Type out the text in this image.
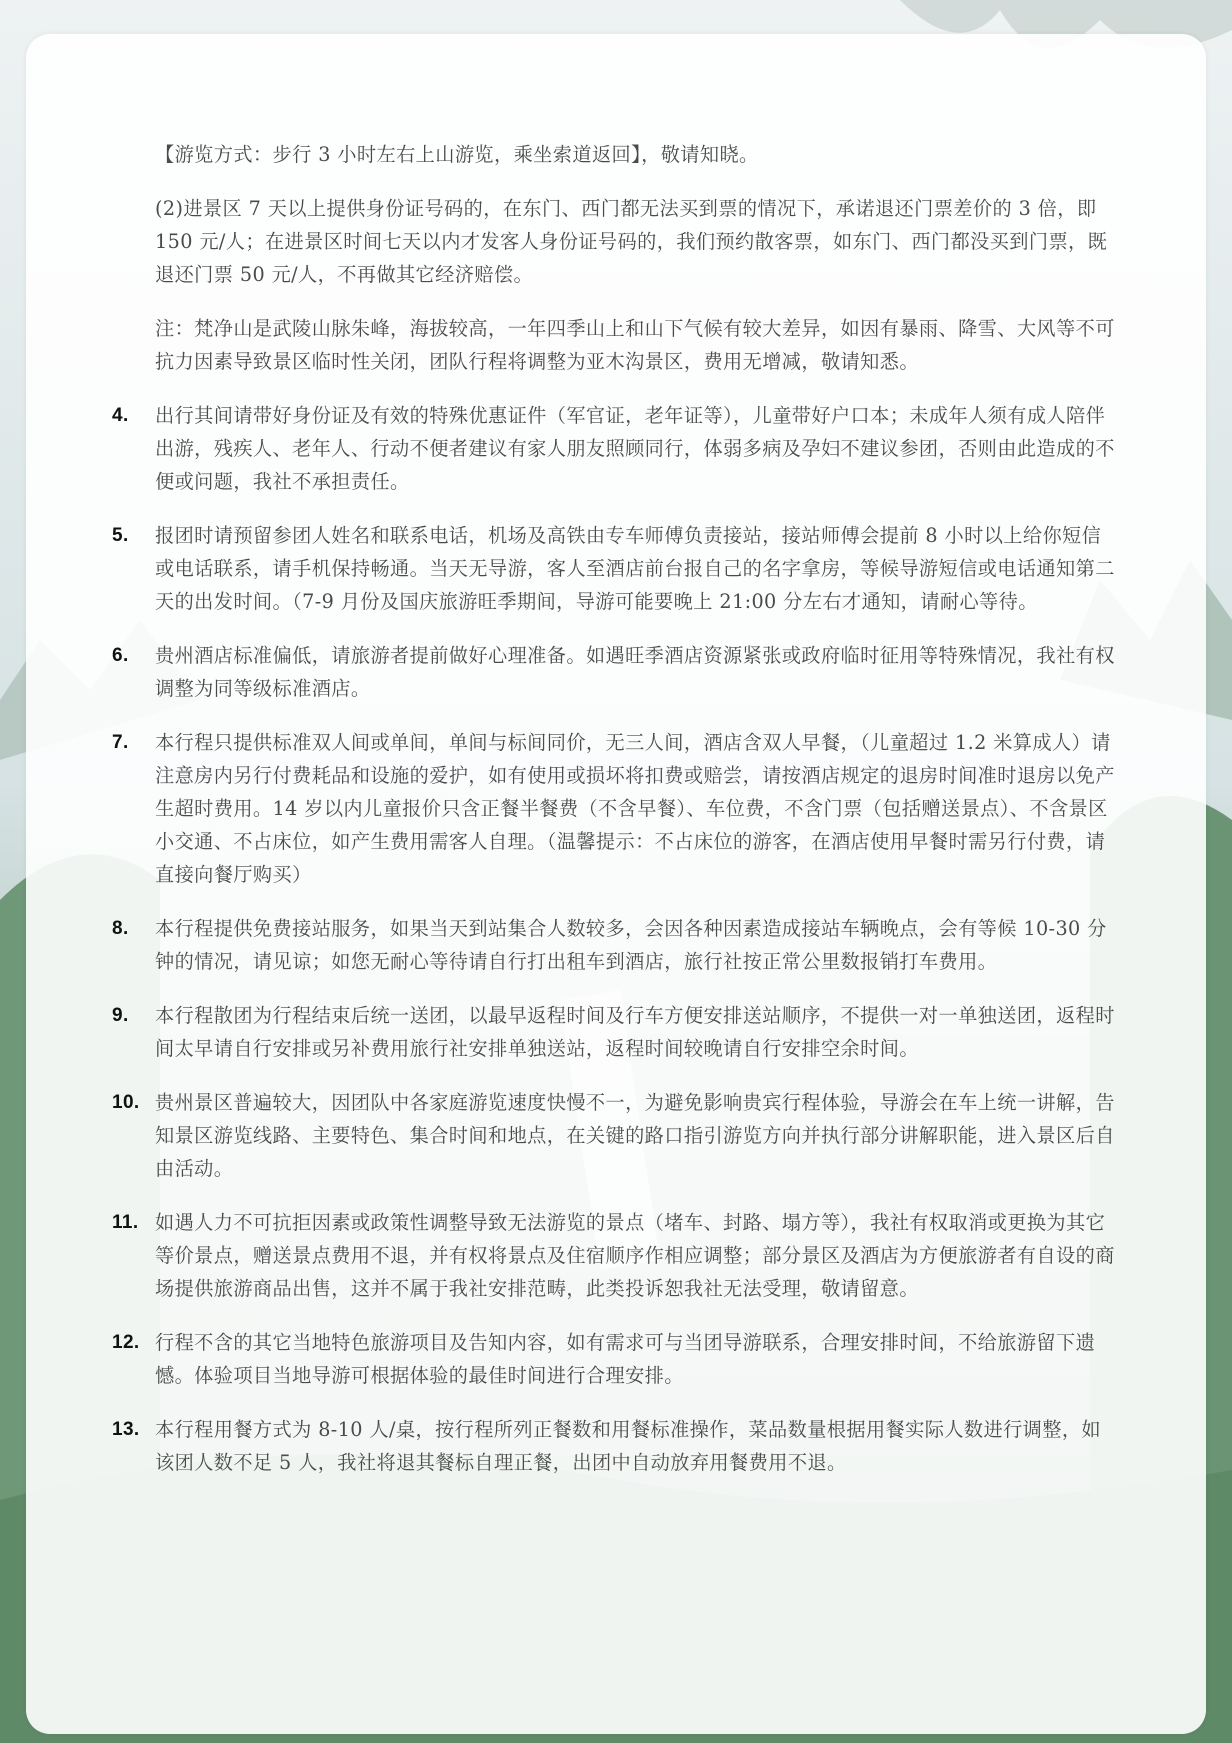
【游览方式：步行 3 小时左右上山游览，乘坐索道返回】，敬请知晓。

(2)进景区 7 天以上提供身份证号码的，在东门、西门都无法买到票的情况下，承诺退还门票差价的 3 倍，即 150 元/人；在进景区时间七天以内才发客人身份证号码的，我们预约散客票，如东门、西门都没买到门票，既退还门票 50 元/人，不再做其它经济赔偿。

注：梵净山是武陵山脉朱峰，海拔较高，一年四季山上和山下气候有较大差异，如因有暴雨、降雪、大风等不可抗力因素导致景区临时性关闭，团队行程将调整为亚木沟景区，费用无增减，敬请知悉。

4. 出行其间请带好身份证及有效的特殊优惠证件（军官证，老年证等），儿童带好户口本；未成年人须有成人陪伴出游，残疾人、老年人、行动不便者建议有家人朋友照顾同行，体弱多病及孕妇不建议参团，否则由此造成的不便或问题，我社不承担责任。
5. 报团时请预留参团人姓名和联系电话，机场及高铁由专车师傅负责接站，接站师傅会提前 8 小时以上给你短信或电话联系，请手机保持畅通。当天无导游，客人至酒店前台报自己的名字拿房，等候导游短信或电话通知第二天的出发时间。（7-9 月份及国庆旅游旺季期间，导游可能要晚上 21:00 分左右才通知，请耐心等待。
6. 贵州酒店标准偏低，请旅游者提前做好心理准备。如遇旺季酒店资源紧张或政府临时征用等特殊情况，我社有权调整为同等级标准酒店。
7. 本行程只提供标准双人间或单间，单间与标间同价，无三人间，酒店含双人早餐，（儿童超过 1.2 米算成人）请注意房内另行付费耗品和设施的爱护，如有使用或损坏将扣费或赔尝，请按酒店规定的退房时间准时退房以免产生超时费用。14 岁以内儿童报价只含正餐半餐费（不含早餐）、车位费，不含门票（包括赠送景点）、不含景区小交通、不占床位，如产生费用需客人自理。（温馨提示：不占床位的游客，在酒店使用早餐时需另行付费，请直接向餐厅购买）
8. 本行程提供免费接站服务，如果当天到站集合人数较多，会因各种因素造成接站车辆晚点，会有等候 10-30 分钟的情况，请见谅；如您无耐心等待请自行打出租车到酒店，旅行社按正常公里数报销打车费用。
9. 本行程散团为行程结束后统一送团，以最早返程时间及行车方便安排送站顺序，不提供一对一单独送团，返程时间太早请自行安排或另补费用旅行社安排单独送站，返程时间较晚请自行安排空余时间。
10. 贵州景区普遍较大，因团队中各家庭游览速度快慢不一，为避免影响贵宾行程体验，导游会在车上统一讲解，告知景区游览线路、主要特色、集合时间和地点，在关键的路口指引游览方向并执行部分讲解职能，进入景区后自由活动。
11. 如遇人力不可抗拒因素或政策性调整导致无法游览的景点（堵车、封路、塌方等），我社有权取消或更换为其它等价景点，赠送景点费用不退，并有权将景点及住宿顺序作相应调整；部分景区及酒店为方便旅游者有自设的商场提供旅游商品出售，这并不属于我社安排范畴，此类投诉恕我社无法受理，敬请留意。
12. 行程不含的其它当地特色旅游项目及告知内容，如有需求可与当团导游联系，合理安排时间，不给旅游留下遗憾。体验项目当地导游可根据体验的最佳时间进行合理安排。
13. 本行程用餐方式为 8-10 人/桌，按行程所列正餐数和用餐标准操作，菜品数量根据用餐实际人数进行调整，如该团人数不足 5 人，我社将退其餐标自理正餐，出团中自动放弃用餐费用不退。
